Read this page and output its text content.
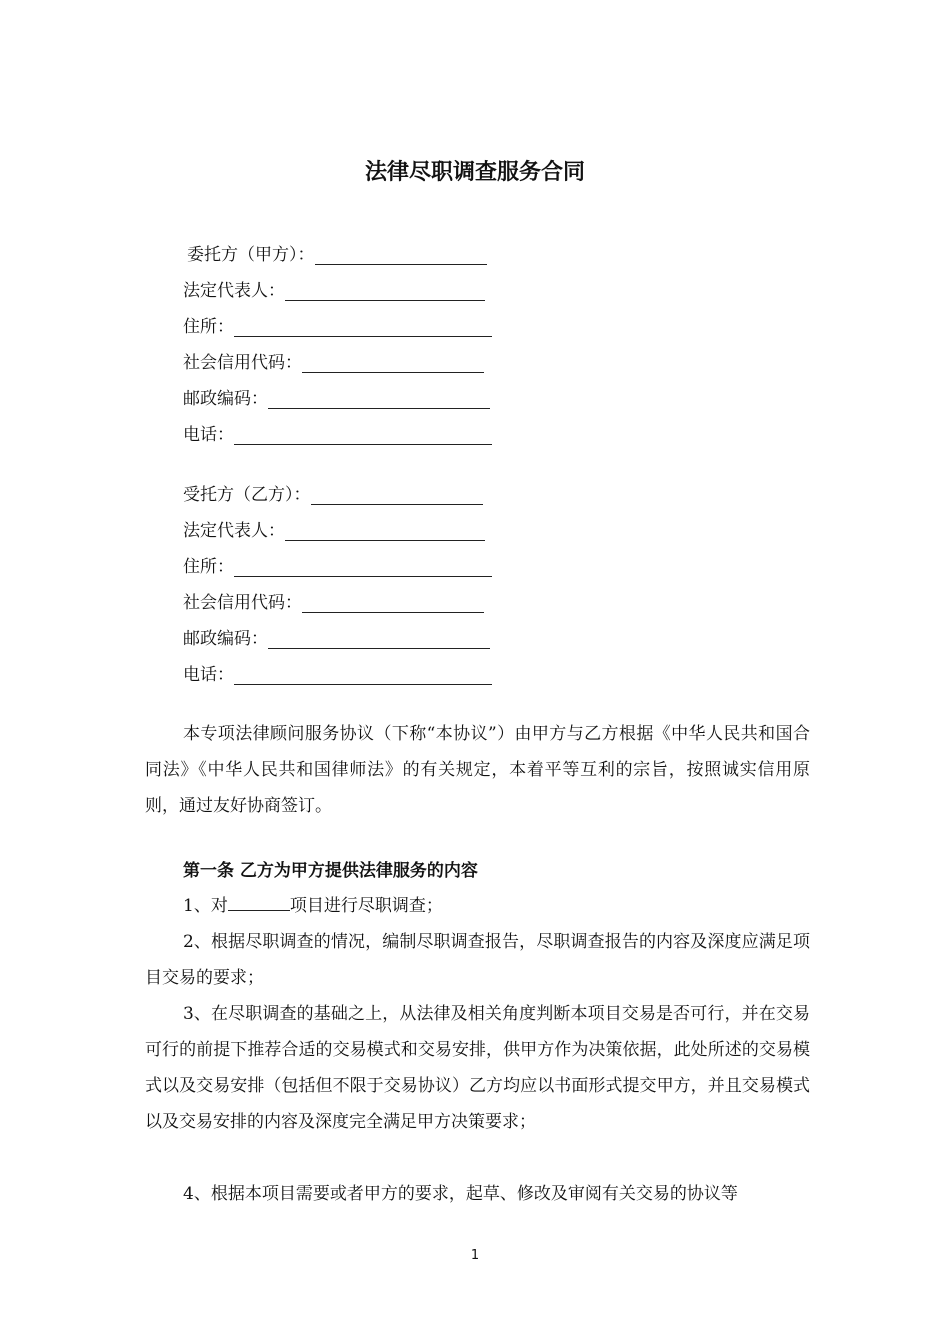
法律尽职调查服务合同
委托方（甲方）：
法定代表人：
住所：
社会信用代码：
邮政编码：
电话：
受托方（乙方）：
法定代表人：
住所：
社会信用代码：
邮政编码：
电话：

本专项法律顾问服务协议（下称“本协议”）由甲方与乙方根据《中华人民共和国合同法》《中华人民共和国律师法》的有关规定，本着平等互利的宗旨，按照诚实信用原则，通过友好协商签订。

第一条 乙方为甲方提供法律服务的内容

1、对	项目进行尽职调查；

2、根据尽职调查的情况，编制尽职调查报告，尽职调查报告的内容及深度应满足项目交易的要求；

3、在尽职调查的基础之上，从法律及相关角度判断本项目交易是否可行，并在交易可行的前提下推荐合适的交易模式和交易安排，供甲方作为决策依据，此处所述的交易模式以及交易安排（包括但不限于交易协议）乙方均应以书面形式提交甲方，并且交易模式以及交易安排的内容及深度完全满足甲方决策要求；

4、根据本项目需要或者甲方的要求，起草、修改及审阅有关交易的协议等

1
